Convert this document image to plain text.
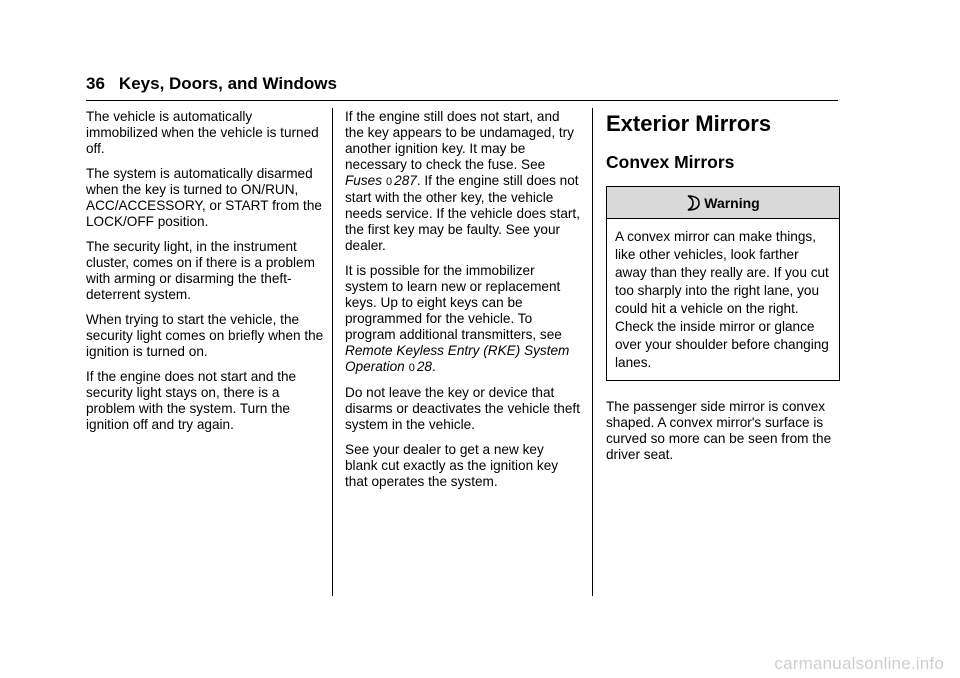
36 Keys, Doors, and Windows

The vehicle is automatically immobilized when the vehicle is turned off.

The system is automatically disarmed when the key is turned to ON/RUN, ACC/ACCESSORY, or START from the LOCK/OFF position.

The security light, in the instrument cluster, comes on if there is a problem with arming or disarming the theft-deterrent system.

When trying to start the vehicle, the security light comes on briefly when the ignition is turned on.

If the engine does not start and the security light stays on, there is a problem with the system. Turn the ignition off and try again.

If the engine still does not start, and the key appears to be undamaged, try another ignition key. It may be necessary to check the fuse. See Fuses 0 287. If the engine still does not start with the other key, the vehicle needs service. If the vehicle does start, the first key may be faulty. See your dealer.

It is possible for the immobilizer system to learn new or replacement keys. Up to eight keys can be programmed for the vehicle. To program additional transmitters, see Remote Keyless Entry (RKE) System Operation 0 28.

Do not leave the key or device that disarms or deactivates the vehicle theft system in the vehicle.

See your dealer to get a new key blank cut exactly as the ignition key that operates the system.

Exterior Mirrors
Convex Mirrors
Warning
A convex mirror can make things, like other vehicles, look farther away than they really are. If you cut too sharply into the right lane, you could hit a vehicle on the right. Check the inside mirror or glance over your shoulder before changing lanes.

The passenger side mirror is convex shaped. A convex mirror's surface is curved so more can be seen from the driver seat.

carmanualsonline.info
